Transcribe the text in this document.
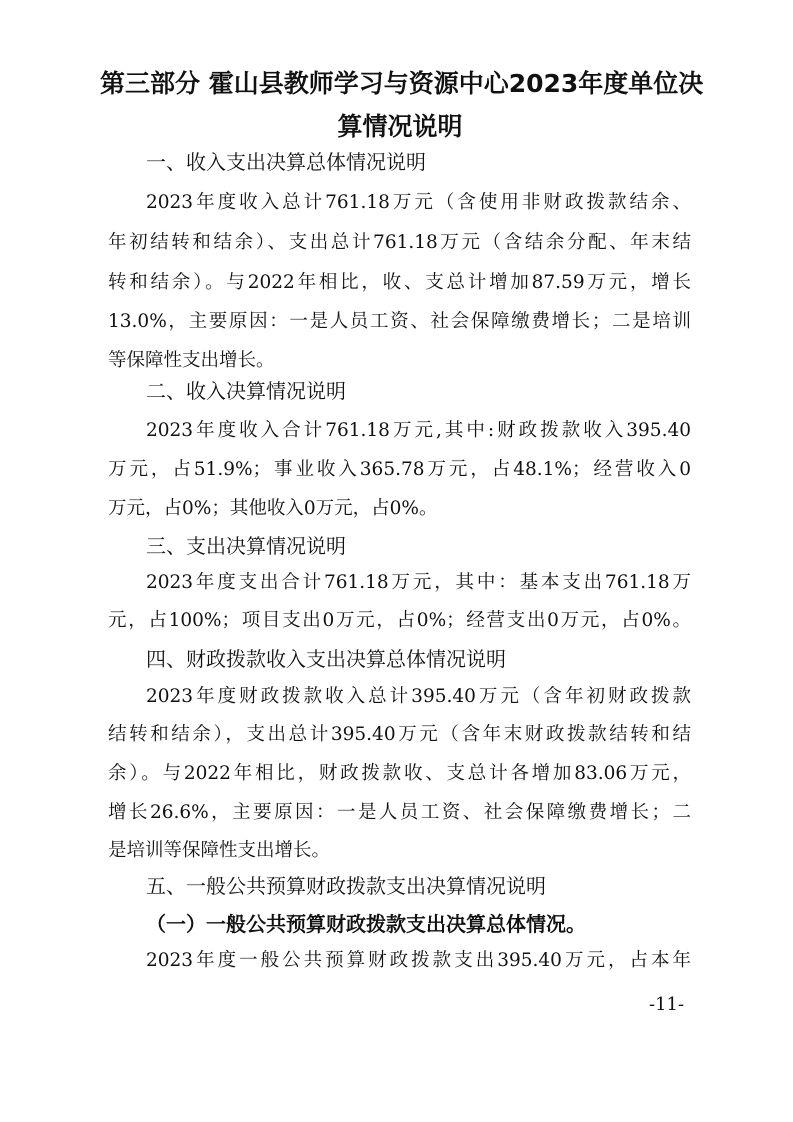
第三部分 霍山县教师学习与资源中心2023年度单位决
算情况说明
一、收入支出决算总体情况说明
2023年度收入总计761.18万元（含使用非财政拨款结余、
年初结转和结余）、支出总计761.18万元（含结余分配、年末结
转和结余）。与2022年相比，收、支总计增加87.59万元，增长
13.0%，主要原因：一是人员工资、社会保障缴费增长；二是培训
等保障性支出增长。
二、收入决算情况说明
2023年度收入合计761.18万元,其中:财政拨款收入395.40
万元，占51.9%；事业收入365.78万元，占48.1%；经营收入0
万元，占0%；其他收入0万元，占0%。
三、支出决算情况说明
2023年度支出合计761.18万元，其中：基本支出761.18万
元，占100%；项目支出0万元，占0%；经营支出0万元，占0%。
四、财政拨款收入支出决算总体情况说明
2023年度财政拨款收入总计395.40万元（含年初财政拨款
结转和结余），支出总计395.40万元（含年末财政拨款结转和结
余）。与2022年相比，财政拨款收、支总计各增加83.06万元，
增长26.6%，主要原因：一是人员工资、社会保障缴费增长；二
是培训等保障性支出增长。
五、一般公共预算财政拨款支出决算情况说明
（一）一般公共预算财政拨款支出决算总体情况。
2023年度一般公共预算财政拨款支出395.40万元，占本年
-11-
